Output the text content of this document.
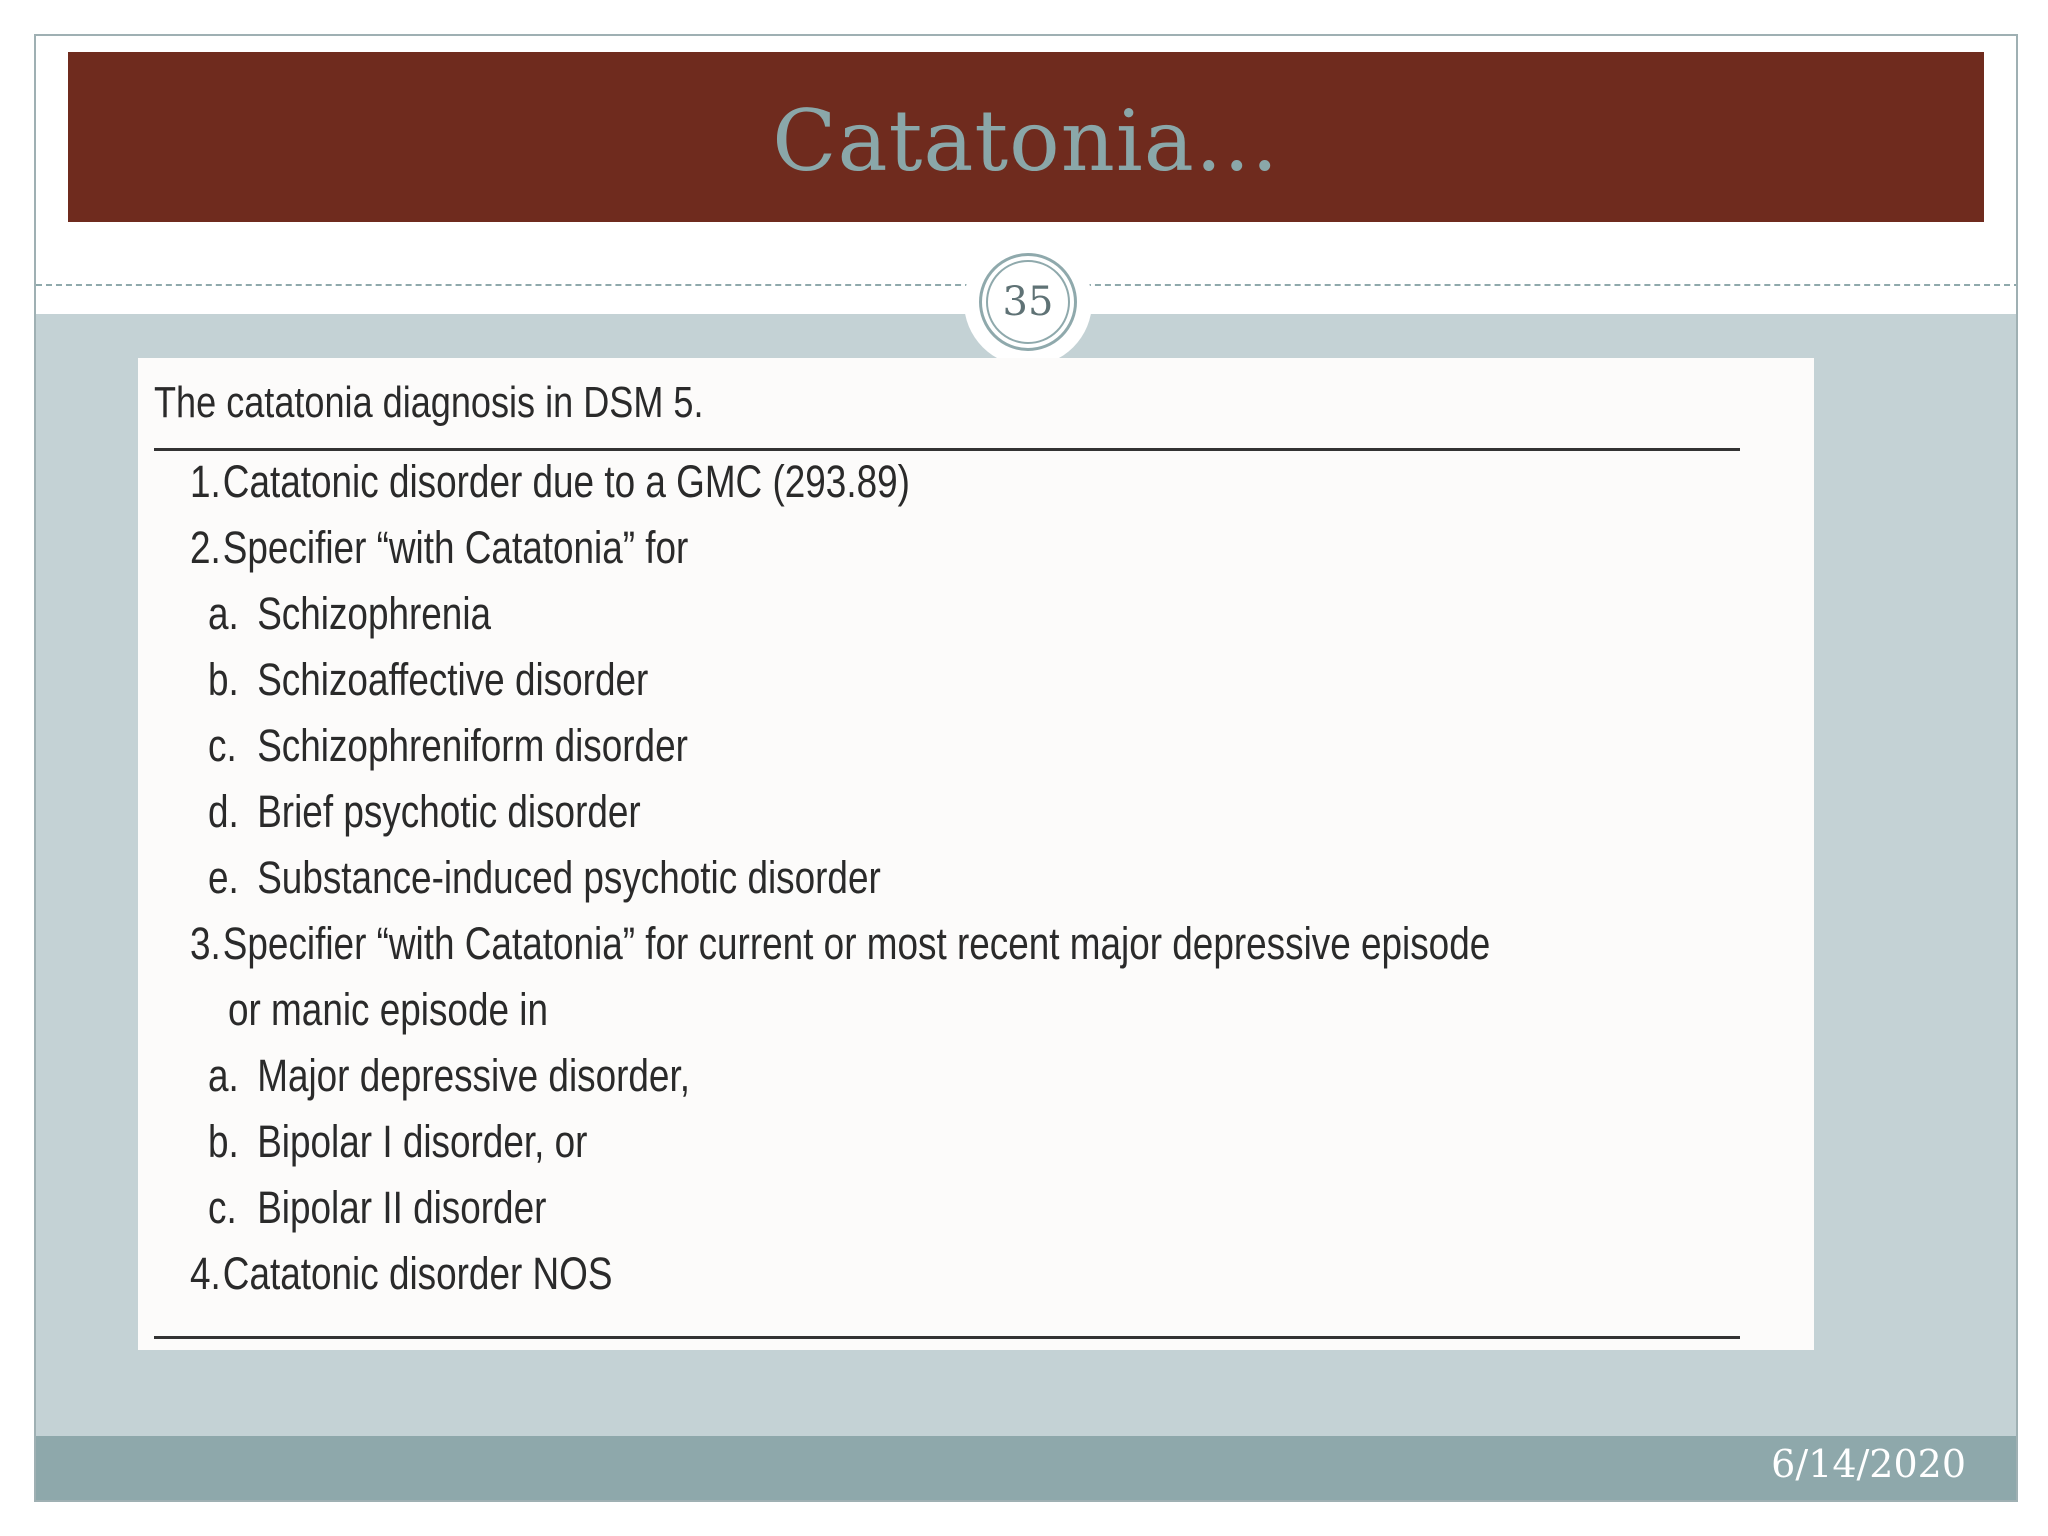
Catatonia…
35
The catatonia diagnosis in DSM 5.
1.Catatonic disorder due to a GMC (293.89)
2.Specifier “with Catatonia” for
a. Schizophrenia
b. Schizoaffective disorder
c. Schizophreniform disorder
d. Brief psychotic disorder
e. Substance-induced psychotic disorder
3.Specifier “with Catatonia” for current or most recent major depressive episode
or manic episode in
a. Major depressive disorder,
b. Bipolar I disorder, or
c. Bipolar II disorder
4.Catatonic disorder NOS
6/14/2020
